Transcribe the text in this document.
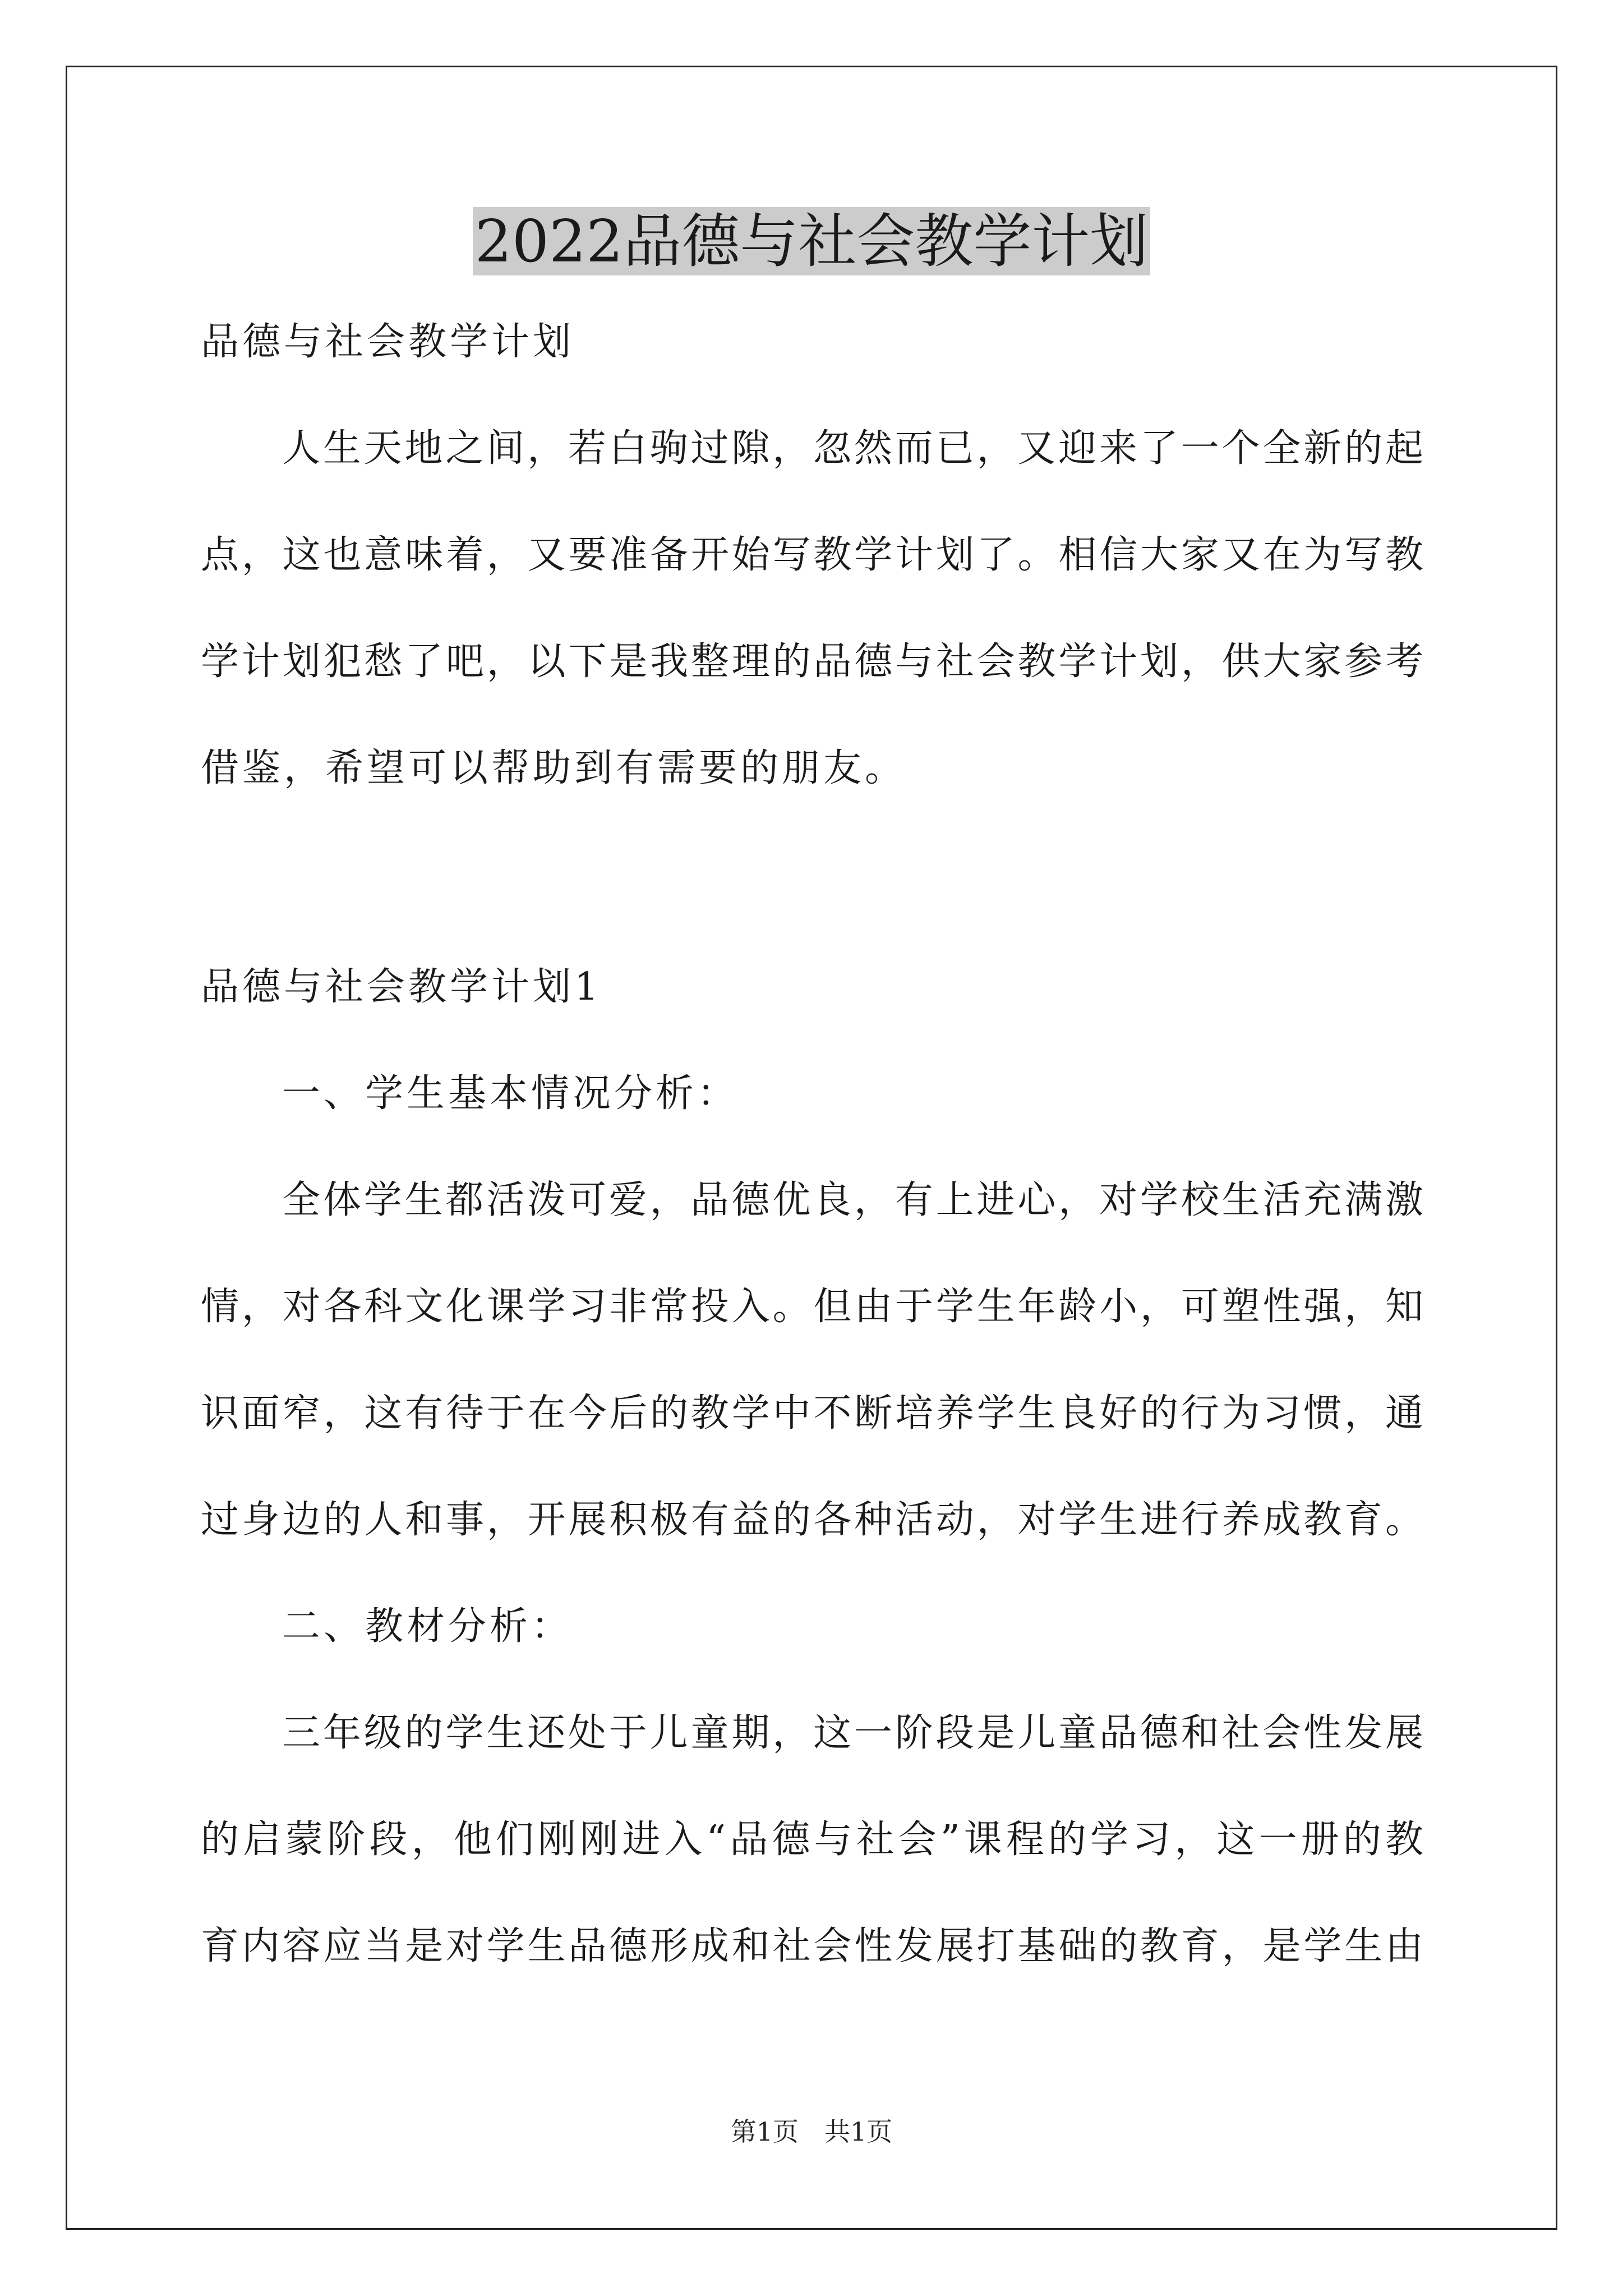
2022品德与社会教学计划
品德与社会教学计划
人生天地之间，若白驹过隙，忽然而已，又迎来了一个全新的起
点，这也意味着，又要准备开始写教学计划了。相信大家又在为写教
学计划犯愁了吧，以下是我整理的品德与社会教学计划，供大家参考
借鉴，希望可以帮助到有需要的朋友。
品德与社会教学计划1
一、学生基本情况分析：
全体学生都活泼可爱，品德优良，有上进心，对学校生活充满激
情，对各科文化课学习非常投入。但由于学生年龄小，可塑性强，知
识面窄，这有待于在今后的教学中不断培养学生良好的行为习惯，通
过身边的人和事，开展积极有益的各种活动，对学生进行养成教育。
二、教材分析：
三年级的学生还处于儿童期，这一阶段是儿童品德和社会性发展
的启蒙阶段，他们刚刚进入“品德与社会”课程的学习，这一册的教
育内容应当是对学生品德形成和社会性发展打基础的教育，是学生由
第1页　共1页
